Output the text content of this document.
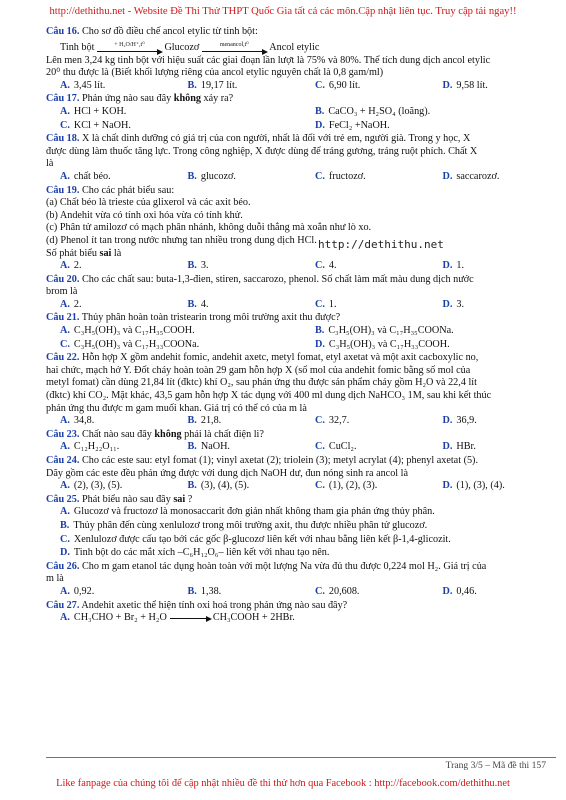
http://dethithu.net - Website Đề Thi Thử THPT Quốc Gia tất cả các môn.Cập nhật liên tục. Truy cập tải ngay!!
http://dethithu.net

Câu 16. Cho sơ đồ điều chế ancol etylic từ tinh bột:

Tinh bột	+ H₂O/H⁺,t⁰	Glucozơ	menancol,t⁰	Ancol etylic

Lên men 3,24 kg tinh bột với hiệu suất các giai đoạn lần lượt là 75% và 80%. Thể tích dung dịch ancol etylic

20⁰ thu được là (Biết khối lượng riêng của ancol etylic nguyên chất là 0,8 gam/ml)

A. 3,45 lít.	B. 19,17 lít.	C. 6,90 lít.	D. 9,58 lít.

Câu 17. Phản ứng nào sau đây không xảy ra?

A. HCl + KOH.	B. CaCO₃ + H₂SO₄ (loãng).
C. KCl + NaOH.	D. FeCl₂ +NaOH.

Câu 18. X là chất dinh dưỡng có giá trị của con người, nhất là đối với trẻ em, người già. Trong y học, X

được dùng làm thuốc tăng lực. Trong công nghiệp, X được dùng để tráng gương, tráng ruột phích. Chất X

là

A. chất béo.	B. glucozơ.	C. fructozơ.	D. saccarozơ.

Câu 19. Cho các phát biểu sau:

(a) Chất béo là trieste của glixerol và các axit béo.

(b) Andehit vừa có tính oxi hóa vừa có tính khử.

(c) Phân tử amilozơ có mạch phân nhánh, không duỗi thẳng mà xoắn như lò xo.

(d) Phenol ít tan trong nước nhưng tan nhiều trong dung dịch HCl.

Số phát biểu sai là

A. 2.	B. 3.	C. 4.	D. 1.

Câu 20. Cho các chất sau: buta-1,3-đien, stiren, saccarozo, phenol. Số chất làm mất màu dung dịch nước

brom là

A. 2.	B. 4.	C. 1.	D. 3.

Câu 21. Thủy phân hoàn toàn tristearin trong môi trường axit thu được?

A. C₃H₅(OH)₃ và C₁₇H₃₅COOH.	B. C₃H₅(OH)₃ và C₁₇H₃₅COONa.
C. C₃H₅(OH)₃ và C₁₇H₃₃COONa.	D. C₃H₅(OH)₃ và C₁₇H₃₃COOH.

Câu 22. Hỗn hợp X gồm andehit fomic, andehit axetc, metyl fomat, etyl axetat và một axit cacboxylic no,

hai chức, mạch hở Y. Đốt cháy hoàn toàn 29 gam hỗn hợp X (số mol của andehit fomic bằng số mol của

metyl fomat) cần dùng 21,84 lít (đktc) khí O₂, sau phản ứng thu được sản phẩm cháy gồm H₂O và 22,4 lít

(đktc) khí CO₂. Mặt khác, 43,5 gam hỗn hợp X tác dụng với 400 ml dung dịch NaHCO₃ 1M, sau khi kết thúc

phản ứng thu được m gam muối khan. Giá trị có thể có của m là

A. 34,8.	B. 21,8.	C. 32,7.	D. 36,9.

Câu 23. Chất nào sau đây không phải là chất điện li?

A. C₁₂H₂₂O₁₁.	B. NaOH.	C. CuCl₂.	D. HBr.

Câu 24. Cho các este sau: etyl fomat (1); vinyl axetat (2); triolein (3); metyl acrylat (4); phenyl axetat (5).

Dãy gồm các este đều phản ứng được với dung dịch NaOH dư, đun nóng sinh ra ancol là

A. (2), (3), (5).	B. (3), (4), (5).	C. (1), (2), (3).	D. (1), (3), (4).

Câu 25. Phát biểu nào sau đây sai ?

A. Glucozơ và fructozơ là monosaccarit đơn giản nhất không tham gia phản ứng thủy phân.
B. Thủy phân đến cùng xenlulozơ trong môi trường axit, thu được nhiều phân tử glucozơ.
C. Xenlulozơ được cấu tạo bởi các gốc β-glucozơ liên kết với nhau bằng liên kết β-1,4-glicozit.
D. Tinh bột do các mắt xích –C₆H₁₂O₆– liên kết với nhau tạo nên.

Câu 26. Cho m gam etanol tác dụng hoàn toàn với một lượng Na vừa đủ thu được 0,224 mol H₂. Giá trị của

m là

A. 0,92.	B. 1,38.	C. 20,608.	D. 0,46.

Câu 27. Andehit axetic thể hiện tính oxi hoá trong phản ứng nào sau đây?

A. CH₃CHO + Br₂ + H₂O	CH₃COOH + 2HBr.
Trang 3/5 – Mã đề thi 157
Like fanpage của chúng tôi để cập nhật nhiều đề thi thử hơn qua Facebook : http://facebook.com/dethithu.net
